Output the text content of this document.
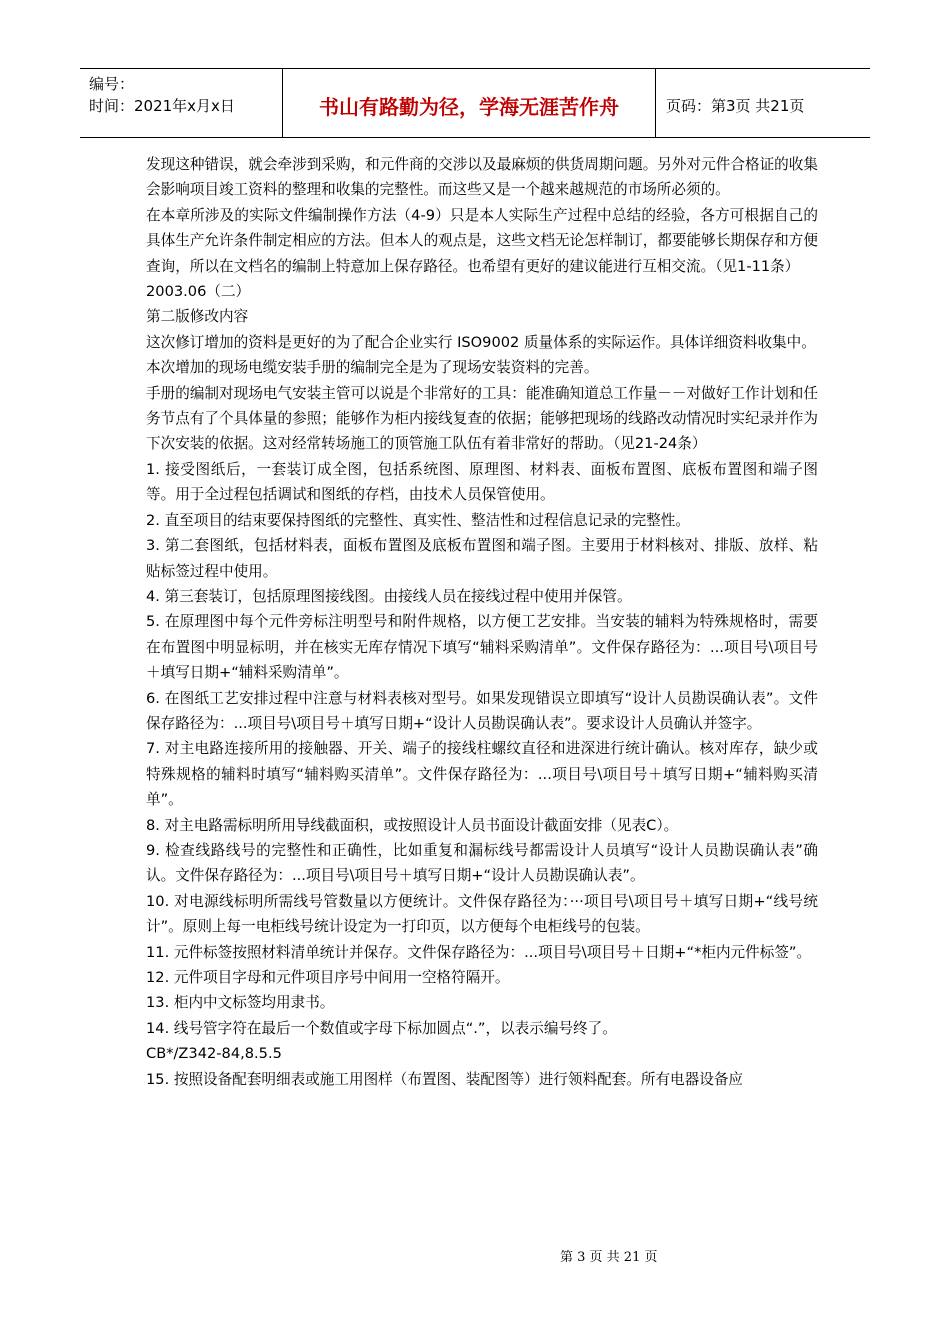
编号：
时间：2021年x月x日	书山有路勤为径，学海无涯苦作舟	页码：第3页 共21页

发现这种错误，就会牵涉到采购，和元件商的交涉以及最麻烦的供货周期问题。另外对元件合格证的收集会影响项目竣工资料的整理和收集的完整性。而这些又是一个越来越规范的市场所必须的。

在本章所涉及的实际文件编制操作方法（4-9）只是本人实际生产过程中总结的经验，各方可根据自己的具体生产允许条件制定相应的方法。但本人的观点是，这些文档无论怎样制订，都要能够长期保存和方便查询，所以在文档名的编制上特意加上保存路径。也希望有更好的建议能进行互相交流。（见1-11条）

2003.06（二）

第二版修改内容

这次修订增加的资料是更好的为了配合企业实行 ISO9002 质量体系的实际运作。具体详细资料收集中。

本次增加的现场电缆安装手册的编制完全是为了现场安装资料的完善。

手册的编制对现场电气安装主管可以说是个非常好的工具：能准确知道总工作量－－对做好工作计划和任务节点有了个具体量的参照；能够作为柜内接线复查的依据；能够把现场的线路改动情况时实纪录并作为下次安装的依据。这对经常转场施工的顶管施工队伍有着非常好的帮助。（见21-24条）

1. 接受图纸后，一套装订成全图，包括系统图、原理图、材料表、面板布置图、底板布置图和端子图等。用于全过程包括调试和图纸的存档，由技术人员保管使用。

2. 直至项目的结束要保持图纸的完整性、真实性、整洁性和过程信息记录的完整性。

3. 第二套图纸，包括材料表，面板布置图及底板布置图和端子图。主要用于材料核对、排版、放样、粘贴标签过程中使用。

4. 第三套装订，包括原理图接线图。由接线人员在接线过程中使用并保管。

5. 在原理图中每个元件旁标注明型号和附件规格，以方便工艺安排。当安装的辅料为特殊规格时，需要在布置图中明显标明，并在核实无库存情况下填写“辅料采购清单”。文件保存路径为：...项目号\项目号＋填写日期+“辅料采购清单”。

6. 在图纸工艺安排过程中注意与材料表核对型号。如果发现错误立即填写“设计人员勘误确认表”。文件保存路径为：...项目号\项目号＋填写日期+“设计人员勘误确认表”。要求设计人员确认并签字。

7. 对主电路连接所用的接触器、开关、端子的接线柱螺纹直径和进深进行统计确认。核对库存，缺少或特殊规格的辅料时填写“辅料购买清单”。文件保存路径为：...项目号\项目号＋填写日期+“辅料购买清单”。

8. 对主电路需标明所用导线截面积，或按照设计人员书面设计截面安排（见表C）。

9. 检查线路线号的完整性和正确性，比如重复和漏标线号都需设计人员填写“设计人员勘误确认表”确认。文件保存路径为：...项目号\项目号＋填写日期+“设计人员勘误确认表”。

10. 对电源线标明所需线号管数量以方便统计。文件保存路径为：···项目号\项目号＋填写日期+“线号统计”。原则上每一电柜线号统计设定为一打印页，以方便每个电柜线号的包装。

11. 元件标签按照材料清单统计并保存。文件保存路径为：...项目号\项目号＋日期+“*柜内元件标签”。

12. 元件项目字母和元件项目序号中间用一空格符隔开。

13. 柜内中文标签均用隶书。

14. 线号管字符在最后一个数值或字母下标加圆点“.”，以表示编号终了。

CB*/Z342-84,8.5.5

15. 按照设备配套明细表或施工用图样（布置图、装配图等）进行领料配套。所有电器设备应

第 3 页 共 21 页
